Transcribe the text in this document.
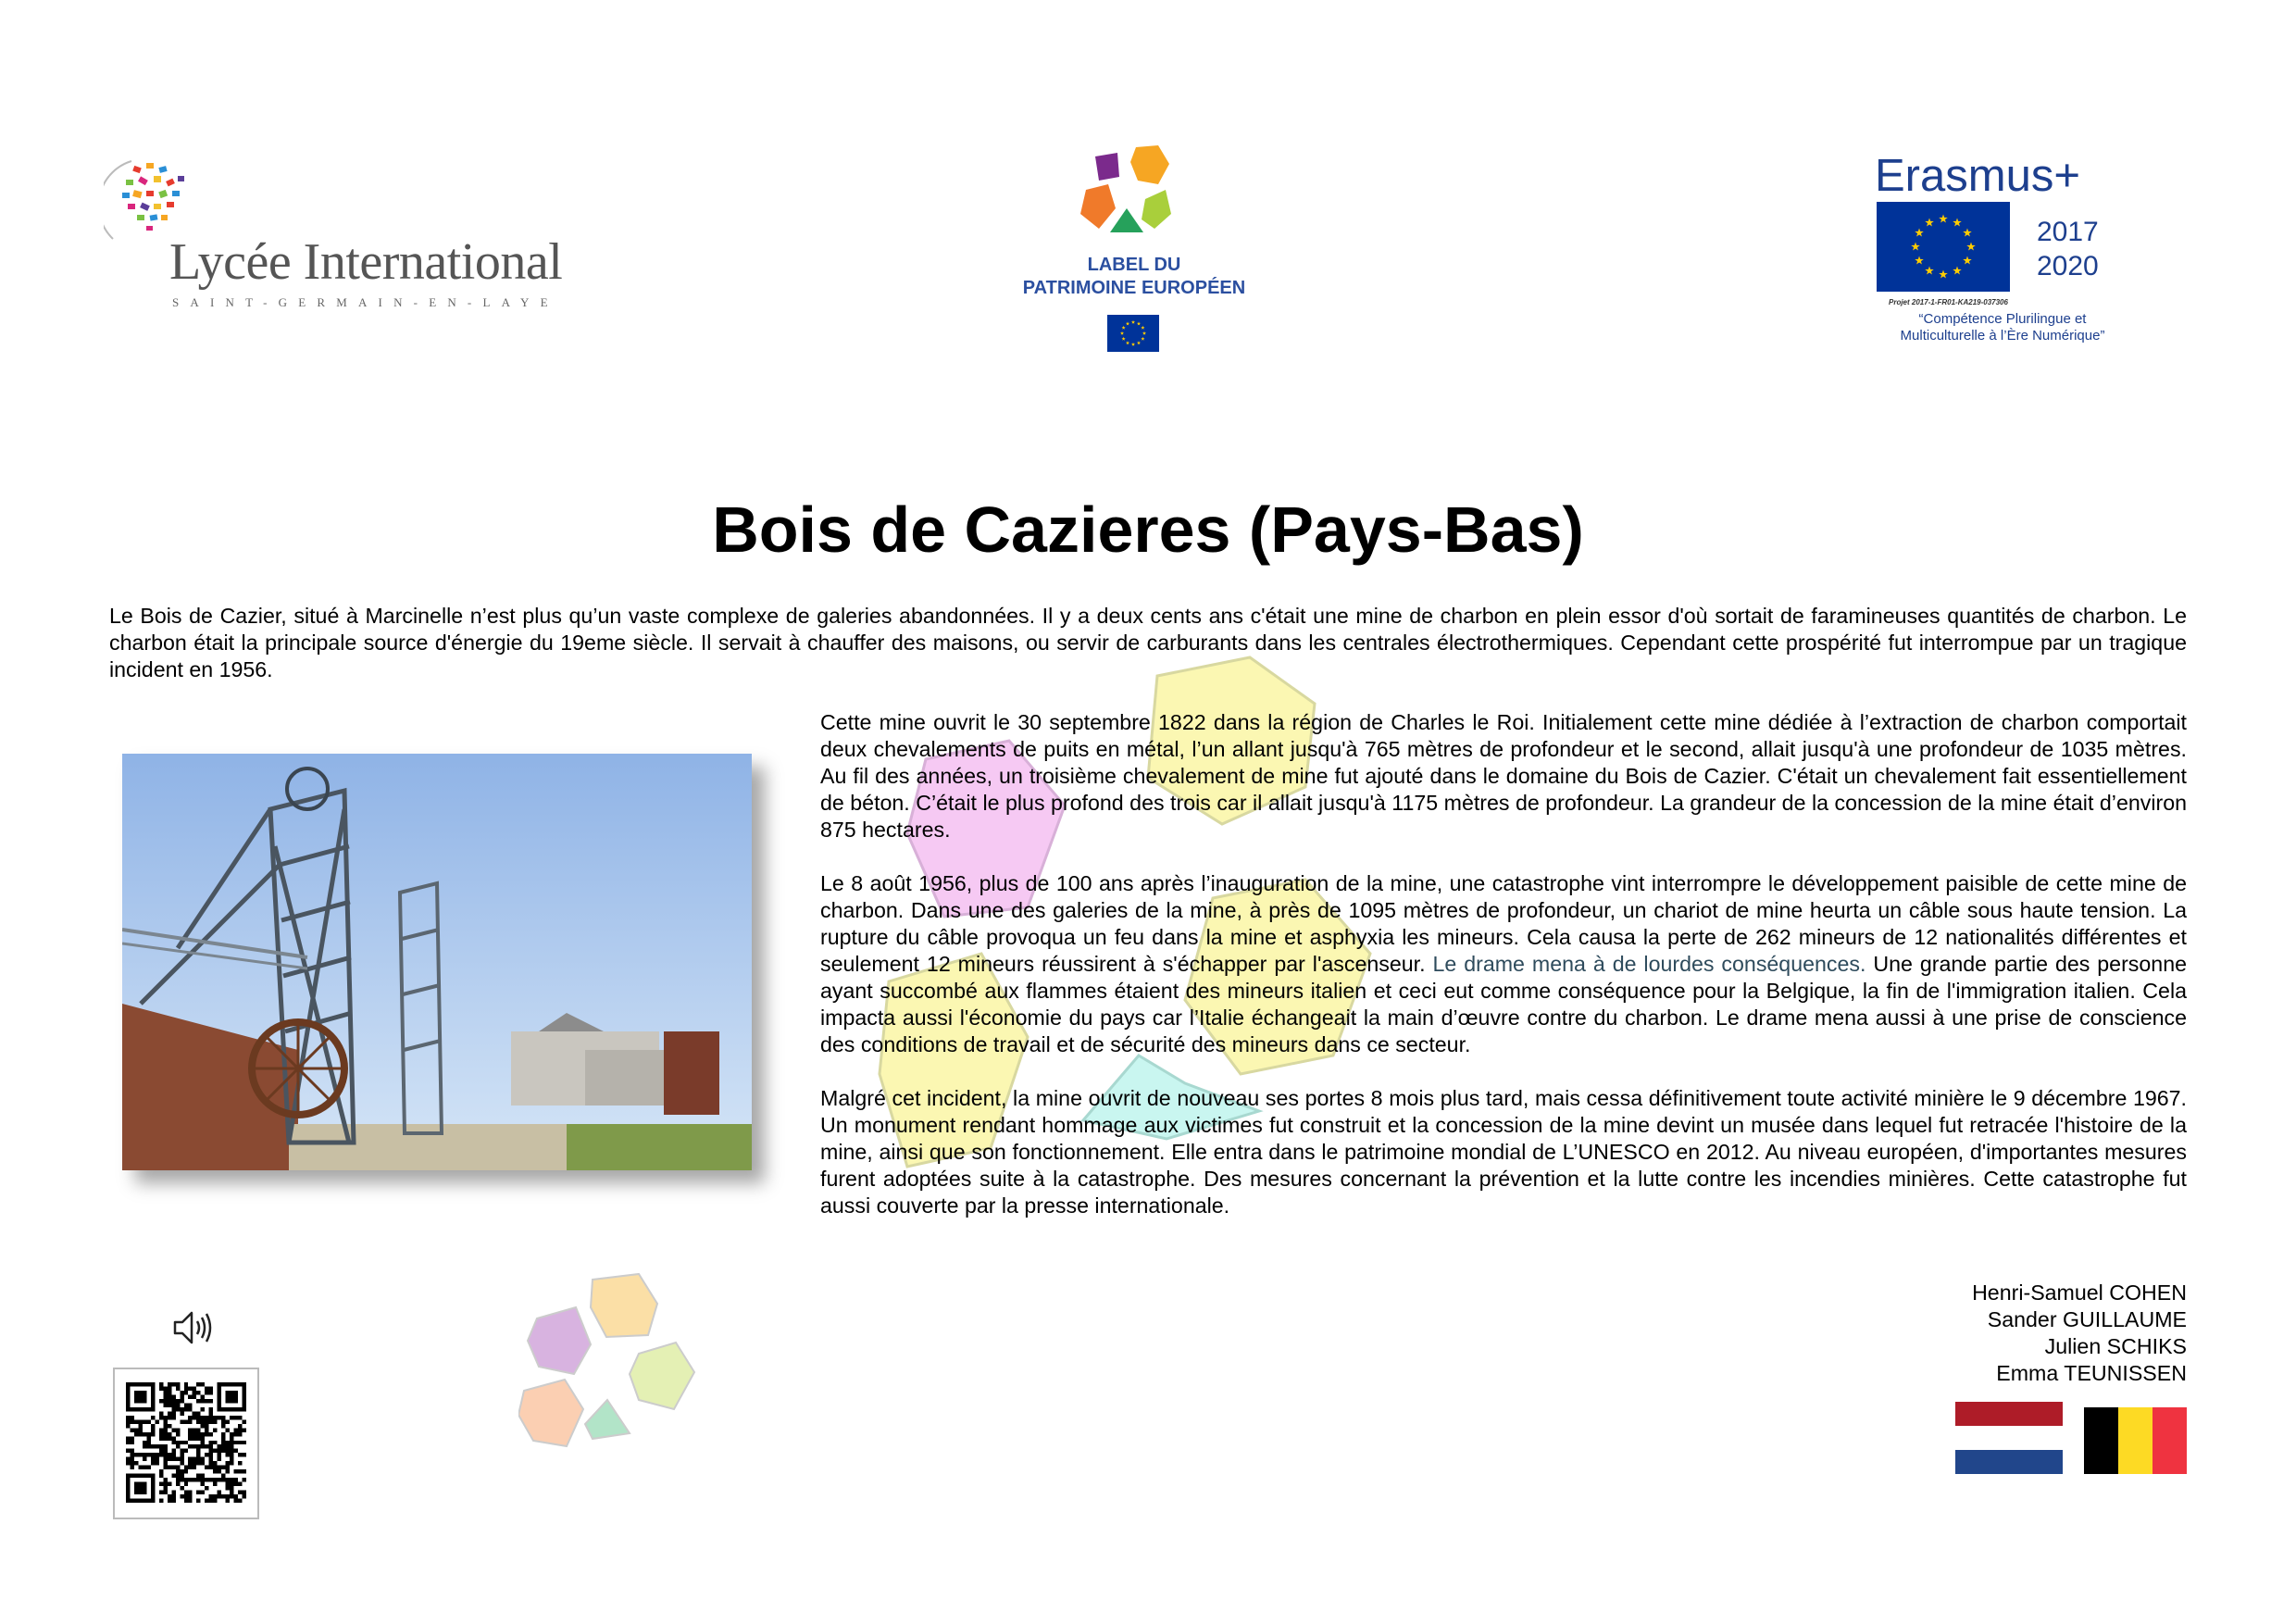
Lycée International
SAINT-GERMAIN-EN-LAYE
LABEL DU
PATRIMOINE EUROPÉEN
Erasmus+
2017
2020
Projet 2017-1-FR01-KA219-037306
“Compétence Plurilingue et
Multiculturelle à l’Ère Numérique”
Bois de Cazieres (Pays-Bas)
Le Bois de Cazier, situé à Marcinelle n’est plus qu’un vaste complexe de galeries abandonnées. Il y a deux cents ans c'était une mine de charbon en plein essor d'où sortait de faramineuses quantités de charbon. Le charbon était la principale source d'énergie du 19eme siècle. Il servait à chauffer des maisons, ou servir de carburants dans les centrales électrothermiques. Cependant cette prospérité fut interrompue par un tragique incident en 1956.

Cette mine ouvrit le 30 septembre 1822 dans la région de Charles le Roi. Initialement cette mine dédiée à l’extraction de charbon comportait deux chevalements de puits en métal, l’un allant jusqu'à 765 mètres de profondeur et le second, allait jusqu'à une profondeur de 1035 mètres. Au fil des années, un troisième chevalement de mine fut ajouté dans le domaine du Bois de Cazier. C'était un chevalement fait essentiellement de béton. C’était le plus profond des trois car il allait jusqu'à 1175 mètres de profondeur. La grandeur de la concession de la mine était d’environ 875 hectares.

Le 8 août 1956, plus de 100 ans après l’inauguration de la mine, une catastrophe vint interrompre le développement paisible de cette mine de charbon. Dans une des galeries de la mine, à près de 1095 mètres de profondeur, un chariot de mine heurta un câble sous haute tension. La rupture du câble provoqua un feu dans la mine et asphyxia les mineurs. Cela causa la perte de 262 mineurs de 12 nationalités différentes et seulement 12 mineurs réussirent à s'échapper par l'ascenseur. Le drame mena à de lourdes conséquences. Une grande partie des personne ayant succombé aux flammes étaient des mineurs italien et ceci eut comme conséquence pour la Belgique, la fin de l'immigration italien. Cela impacta aussi l'économie du pays car l’Italie échangeait la main d’œuvre contre du charbon. Le drame mena aussi à une prise de conscience des conditions de travail et de sécurité des mineurs dans ce secteur.

Malgré cet incident, la mine ouvrit de nouveau ses portes 8 mois plus tard, mais cessa définitivement toute activité minière le 9 décembre 1967. Un monument rendant hommage aux victimes fut construit et la concession de la mine devint un musée dans lequel fut retracée l'histoire de la mine, ainsi que son fonctionnement. Elle entra dans le patrimoine mondial de L’UNESCO en 2012. Au niveau européen, d'importantes mesures furent adoptées suite à la catastrophe. Des mesures concernant la prévention et la lutte contre les incendies minières. Cette catastrophe fut aussi couverte par la presse internationale.

Henri-Samuel COHEN
Sander GUILLAUME
Julien SCHIKS
Emma TEUNISSEN
